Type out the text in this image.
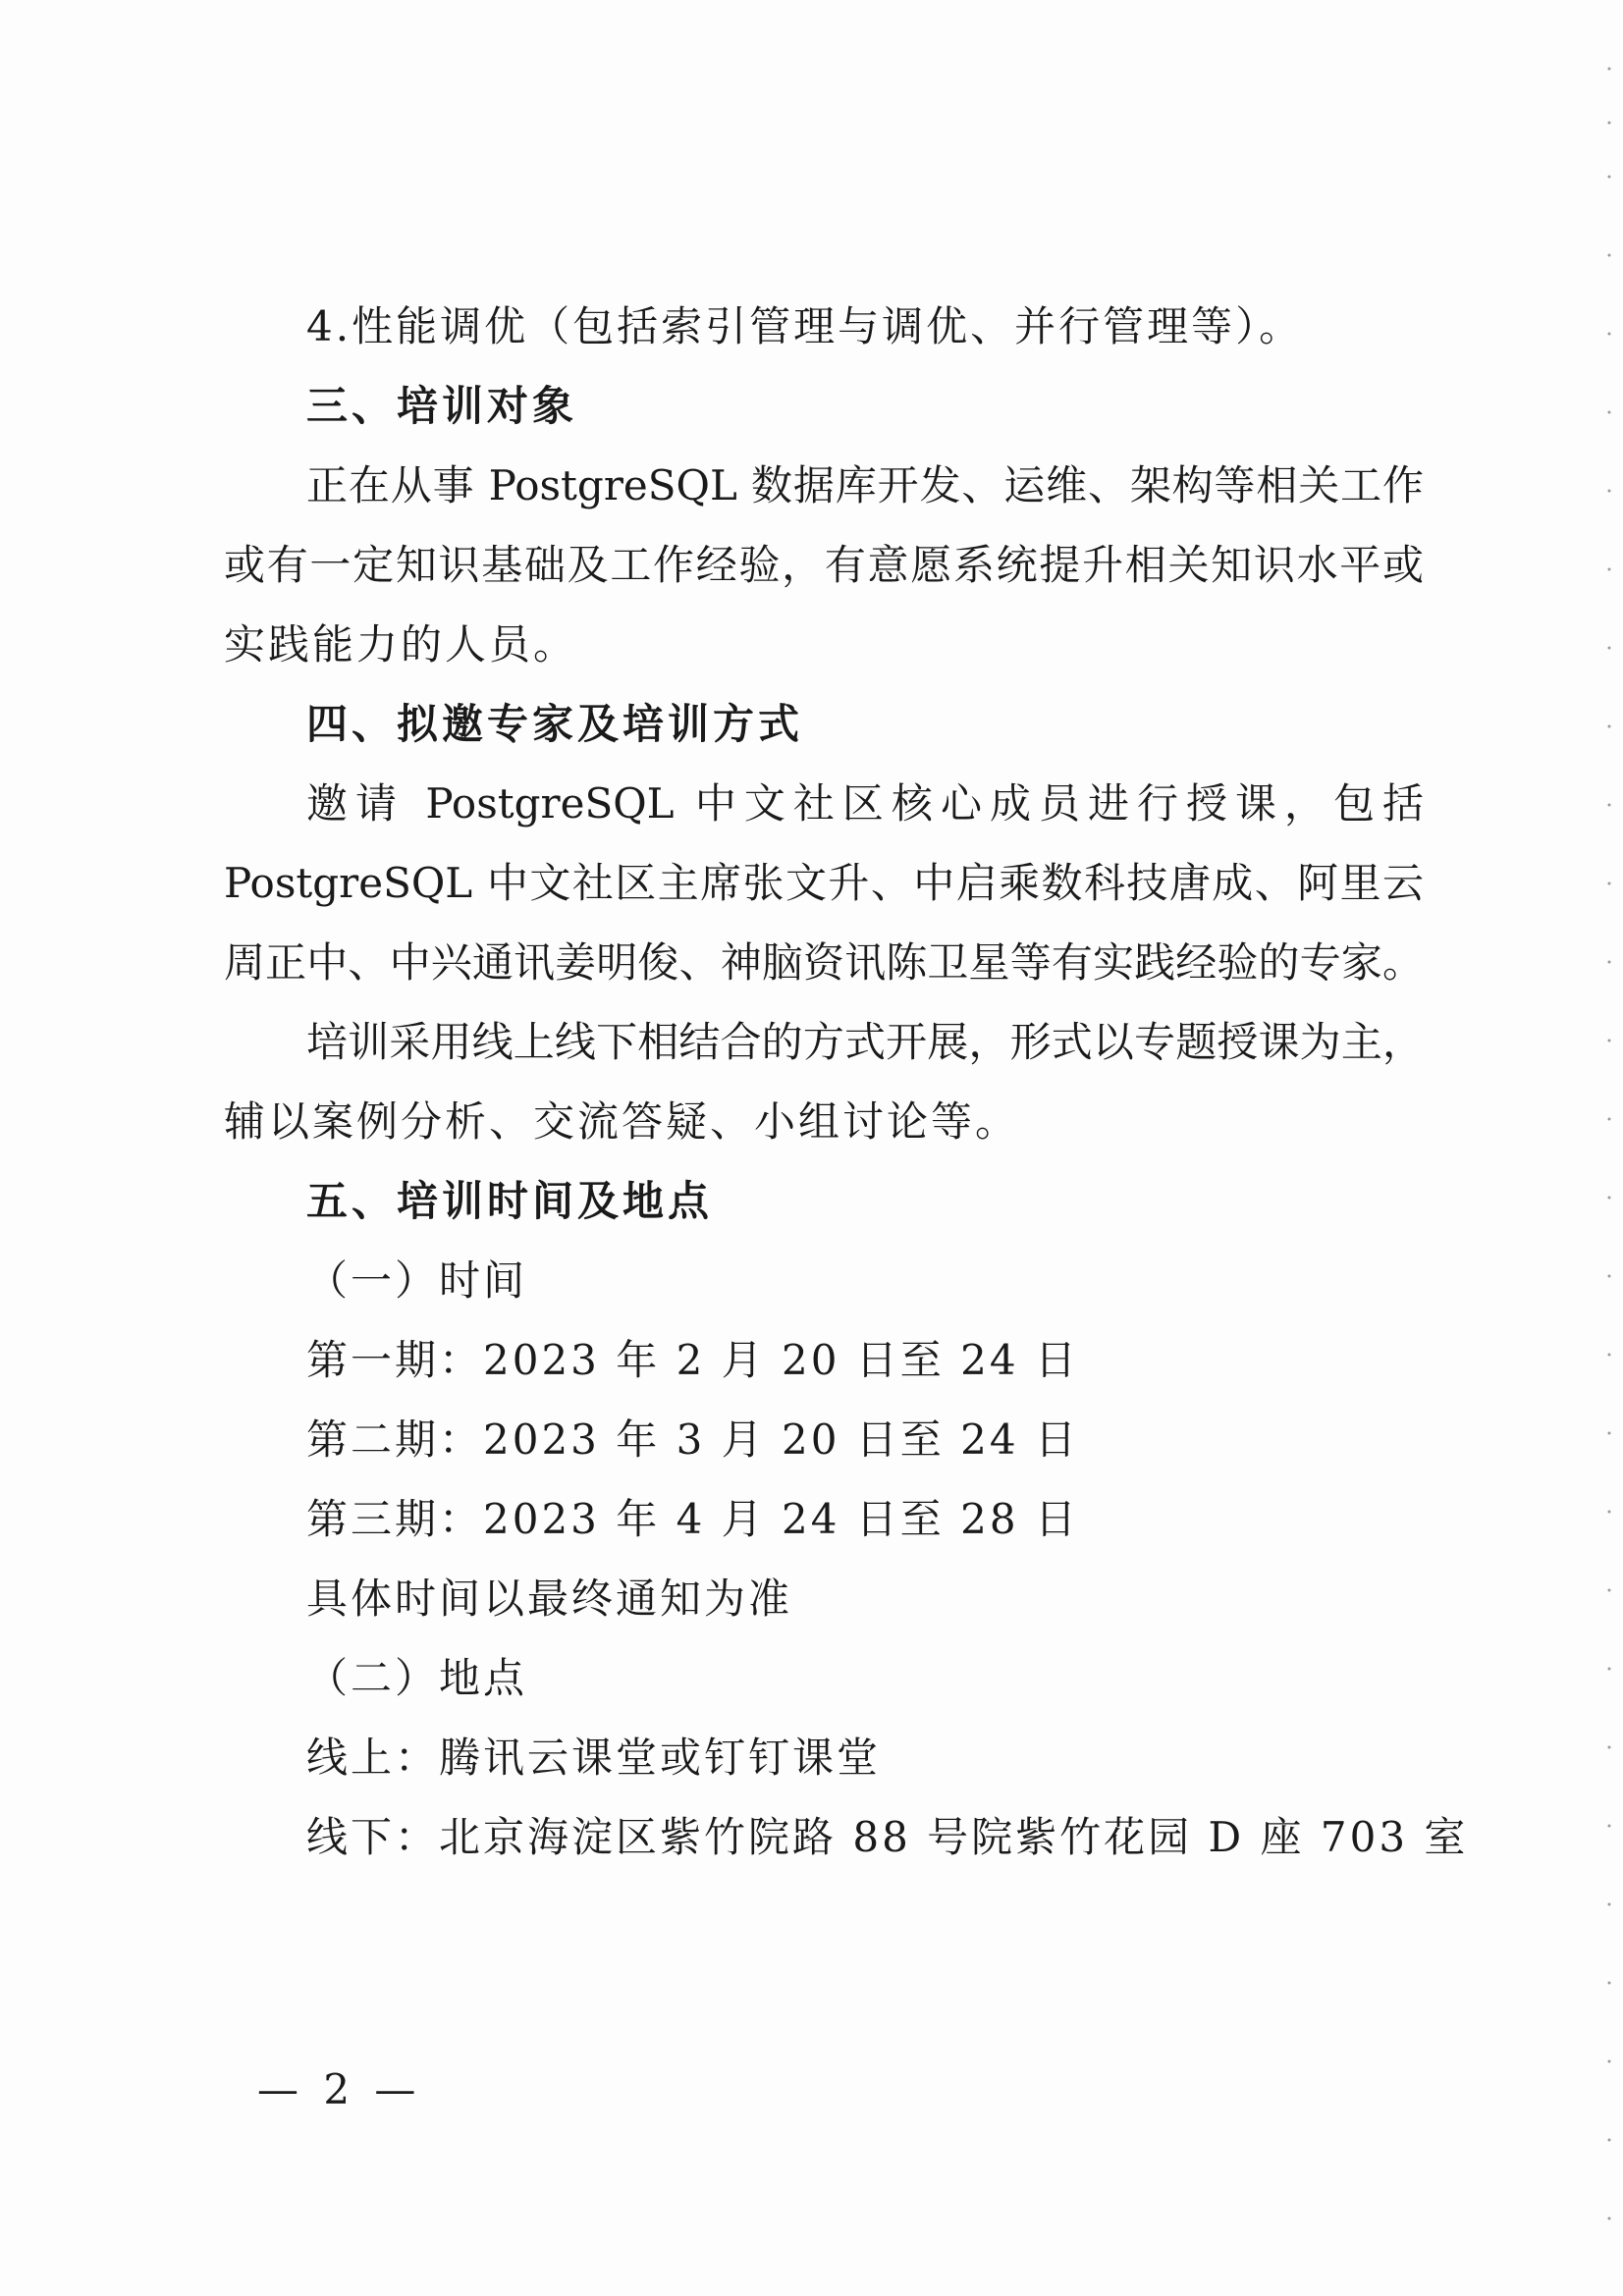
4.性能调优（包括索引管理与调优、并行管理等）。
三、培训对象
正在从事 PostgreSQL 数据库开发、运维、架构等相关工作
或有一定知识基础及工作经验，有意愿系统提升相关知识水平或
实践能力的人员。
四、拟邀专家及培训方式
邀请 PostgreSQL 中文社区核心成员进行授课，包括
PostgreSQL 中文社区主席张文升、中启乘数科技唐成、阿里云
周正中、中兴通讯姜明俊、神脑资讯陈卫星等有实践经验的专家。
培训采用线上线下相结合的方式开展，形式以专题授课为主，
辅以案例分析、交流答疑、小组讨论等。
五、培训时间及地点
（一）时间
第一期：2023 年 2 月 20 日至 24 日
第二期：2023 年 3 月 20 日至 24 日
第三期：2023 年 4 月 24 日至 28 日
具体时间以最终通知为准
（二）地点
线上：腾讯云课堂或钉钉课堂
线下：北京海淀区紫竹院路 88 号院紫竹花园 D 座 703 室
— 2 —
